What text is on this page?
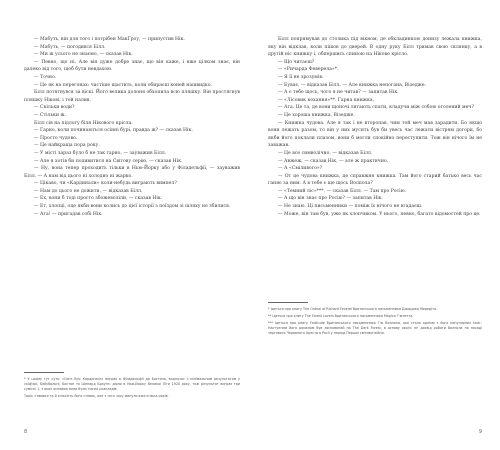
— Мабуть, він для того і потрібен МакГроу, — припустив Нік.

— Мабуть, — погодився Білл.

— Ми ж усього не знаємо, — сказав Нік.

— Певно, що ні. Але він дуже добре знає, що він каже, і вже цілком знає, він далеко від того, щоб бути невдахою.

— Точно.

— Це як на перегонах: частіше щастить, коли обираєш коней нашвидко.

Білл потягнувся за віскі. Його велика долоня обхопила всю пляшку. Він простягнув пляшку Нікові, і той налив.

— Скільки води?

— Стільки ж.

Білл сів на підлогу біля Нікового крісла.

— Гарно, коли починаються осінні бурі, правда ж? — сказав Нік.

— Просто чудово.

— Це найкраща пора року.

— У місті зараз було б не так гарно, — зауважив Білл.

— Але я хотів би подивитися на Світову серію, — сказав Нік.

— Ну, вона тепер проходить тільки в Нью-Йорку або у Філадельфії, — зауважив Білл. — А нам від цього ні холодно ні жарко.

— Цікаво, чи «Кардинали» коли-небудь виграють вимпел?

— Нам до цього не дожити, — відказав Білл.

— Ех, вони б тоді просто збожеволіли, — сказав Нік.

— Ет, хлопці, оце якби вони колись до цієї історії з поїздом зі шляху не збилися.

— Ага! — пригадав собі Нік.

* У цьому тут суть: «Сент-Луїс Кардиналз» виграє в Філадельфії до Бостона, водночас з мінімальним результатом у скіф'єрі, Бейсбольні, Бостон та Шепард Браунз: діяли в Нью-Йорку Великої Ліги 1920 року, тож результат виграє три сумісні 1, з яких основою вони були тисячі розкладів.

Торік з'явився та й кількість його ставок, але з того часу минуло вже кілька років.

8

Білл попрямував до столика під вікном, де обкладинкою донизу лежала книжка, яку він відклав, коли пішов до дверей. В одну руку Білл тримав свою склянку, а в другій ніс книжку і, обпершись спиною на Нікове крісло.

— Що читаєш?

— «Ричарда Феверела»*.

— Я її не зрозумів.

— Буває, — відказав Білл. — Але книжка непогана, Візедже.

— А є тебе щось, чого я не читав? — запитав Нік.

— «Лісовик кохання»**. Гарна книжка.

— Ага. Це та, де вони щоночі лягають спати, кладучи між собою оголений меч?

— Це хороша книжка, Візедже.

— Книжка чудова. Але я так і не второпав, чим той меч мав зарадити. Бо якщо вони лежать разом, то він у них мусить був би увесь час лежати вістрям догори, бо якби його поклали плазом, вони б могли спокійно переступити. Тож він нічого їм не заважав.

— Це все символічно, — відказав Білл.

— Авжеж, — сказав Нік, — але ж практично.

— А «Сміливого»?

— От це чудова книжка, це справжня книжка. Там його старий батько весь час ганяє за ним. А в тебе є ще щось Волпола?

— «Темний ліс»***, — сказав Білл. — Там про Росію.

— А що він знає про Росію? — запитав Нік.

— Не знаю. Ці письменники — поміж їх нічого не вгадаєш.

— Може, він там був, уже як хлопчиком. У нього, певно, багато відомостей про це.

* Ідеться про книгу The Ordeal of Richard Feverel британського письменника Джорджа Мередіта.

** Ідеться про книгу The Forest Lovers британського письменника Моріса Г'юлетта.

*** Ідеться про книгу Fortitude британського письменника Г'ю Волпола, яка стала однією з його популярних книг. Наступним його романом був заснований на The Dark Forest, в основу якого ліг досвід роботи Волпола на посаді чергового Червоного Хреста в Росії у період Першої світової війни.

9
